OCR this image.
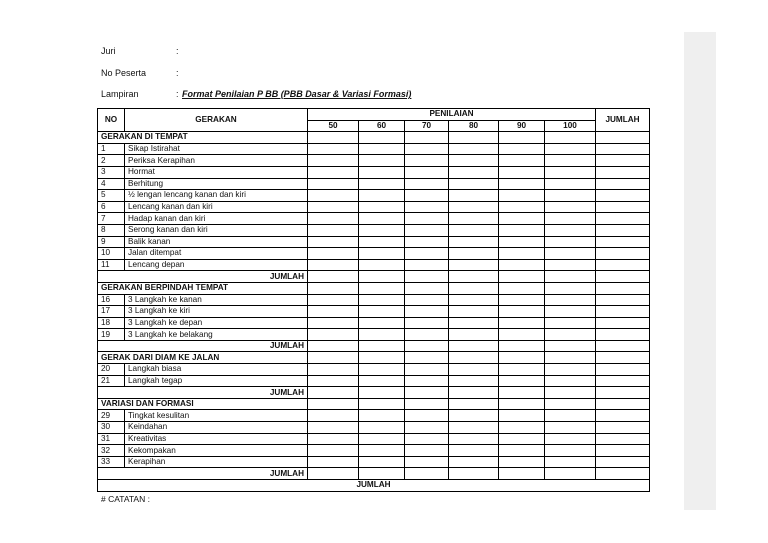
Juri	:
No Peserta	:
Lampiran	: Format Penilaian P BB (PBB Dasar & Variasi Formasi)
NO	GERAKAN	PENILAIAN						JUMLAH
		50	60	70	80	90	100	
GERAKAN DI TEMPAT								
1	Sikap Istirahat							
2	Periksa Kerapihan							
3	Hormat							
4	Berhitung							
5	½ lengan lencang kanan dan kiri							
6	Lencang kanan dan kiri							
7	Hadap kanan dan kiri							
8	Serong kanan dan kiri							
9	Balik kanan							
10	Jalan ditempat							
11	Lencang depan							
JUMLAH								
GERAKAN BERPINDAH TEMPAT								
16	3 Langkah ke kanan							
17	3 Langkah ke kiri							
18	3 Langkah ke depan							
19	3 Langkah ke belakang							
JUMLAH								
GERAK DARI DIAM KE JALAN								
20	Langkah biasa							
21	Langkah tegap							
JUMLAH								
VARIASI DAN FORMASI								
29	Tingkat kesulitan							
30	Keindahan							
31	Kreativitas							
32	Kekompakan							
33	Kerapihan							
JUMLAH								
JUMLAH								
# CATATAN :
